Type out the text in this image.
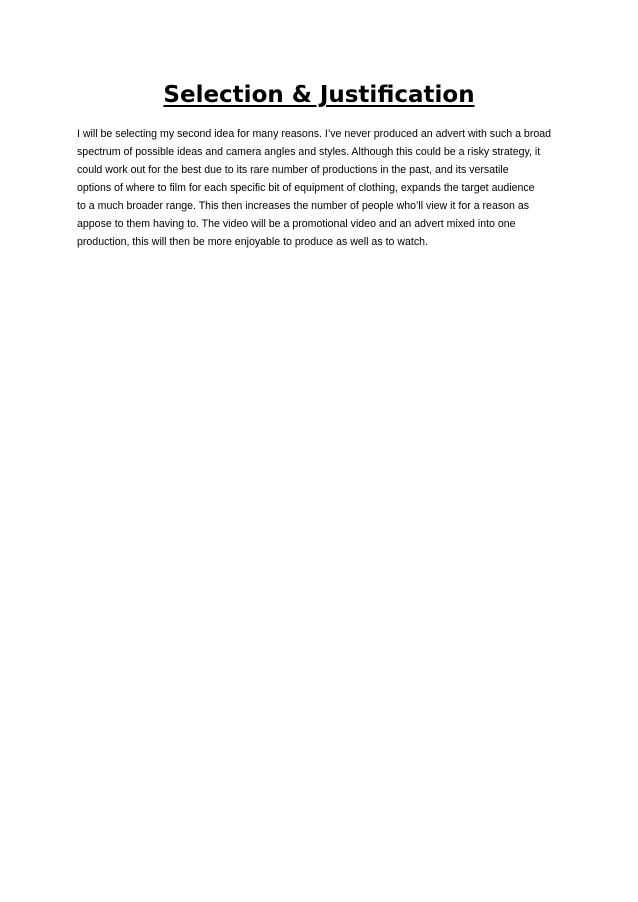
Selection & Justification

I will be selecting my second idea for many reasons. I’ve never produced an advert with such a broad
spectrum of possible ideas and camera angles and styles. Although this could be a risky strategy, it
could work out for the best due to its rare number of productions in the past, and its versatile
options of where to film for each specific bit of equipment of clothing, expands the target audience
to a much broader range. This then increases the number of people who’ll view it for a reason as
appose to them having to. The video will be a promotional video and an advert mixed into one
production, this will then be more enjoyable to produce as well as to watch.
